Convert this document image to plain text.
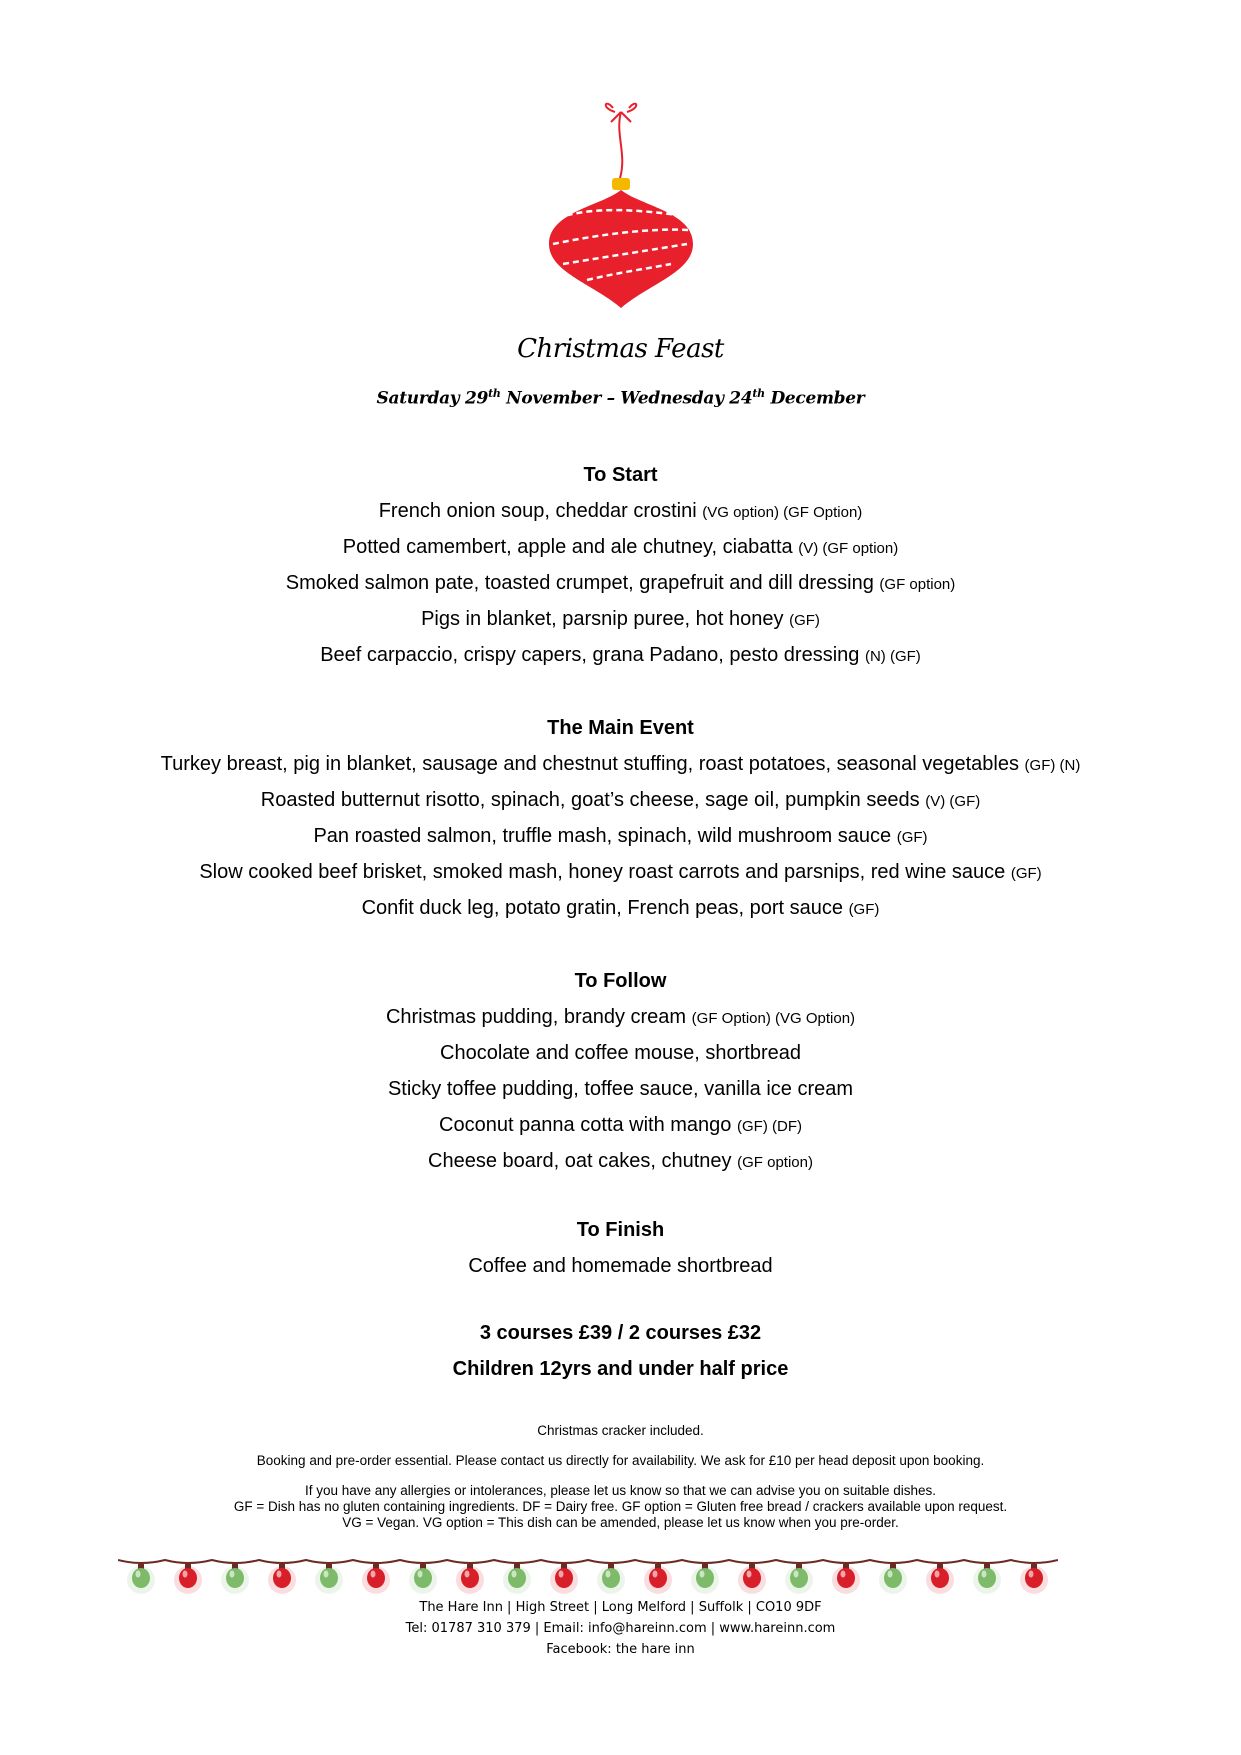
Christmas Feast
Saturday 29th November – Wednesday 24th December
To Start
French onion soup, cheddar crostini (VG option) (GF Option)
Potted camembert, apple and ale chutney, ciabatta (V) (GF option)
Smoked salmon pate, toasted crumpet, grapefruit and dill dressing (GF option)
Pigs in blanket, parsnip puree, hot honey (GF)
Beef carpaccio, crispy capers, grana Padano, pesto dressing (N) (GF)
The Main Event
Turkey breast, pig in blanket, sausage and chestnut stuffing, roast potatoes, seasonal vegetables (GF) (N)
Roasted butternut risotto, spinach, goat’s cheese, sage oil, pumpkin seeds (V) (GF)
Pan roasted salmon, truffle mash, spinach, wild mushroom sauce (GF)
Slow cooked beef brisket, smoked mash, honey roast carrots and parsnips, red wine sauce (GF)
Confit duck leg, potato gratin, French peas, port sauce (GF)
To Follow
Christmas pudding, brandy cream (GF Option) (VG Option)
Chocolate and coffee mouse, shortbread
Sticky toffee pudding, toffee sauce, vanilla ice cream
Coconut panna cotta with mango (GF) (DF)
Cheese board, oat cakes, chutney (GF option)
To Finish
Coffee and homemade shortbread
3 courses £39 / 2 courses £32
Children 12yrs and under half price
Christmas cracker included.
Booking and pre-order essential. Please contact us directly for availability. We ask for £10 per head deposit upon booking.
If you have any allergies or intolerances, please let us know so that we can advise you on suitable dishes.
GF = Dish has no gluten containing ingredients. DF = Dairy free. GF option = Gluten free bread / crackers available upon request.
VG = Vegan. VG option = This dish can be amended, please let us know when you pre-order.
The Hare Inn | High Street | Long Melford | Suffolk | CO10 9DF
Tel: 01787 310 379 | Email: info@hareinn.com | www.hareinn.com
Facebook: the hare inn
